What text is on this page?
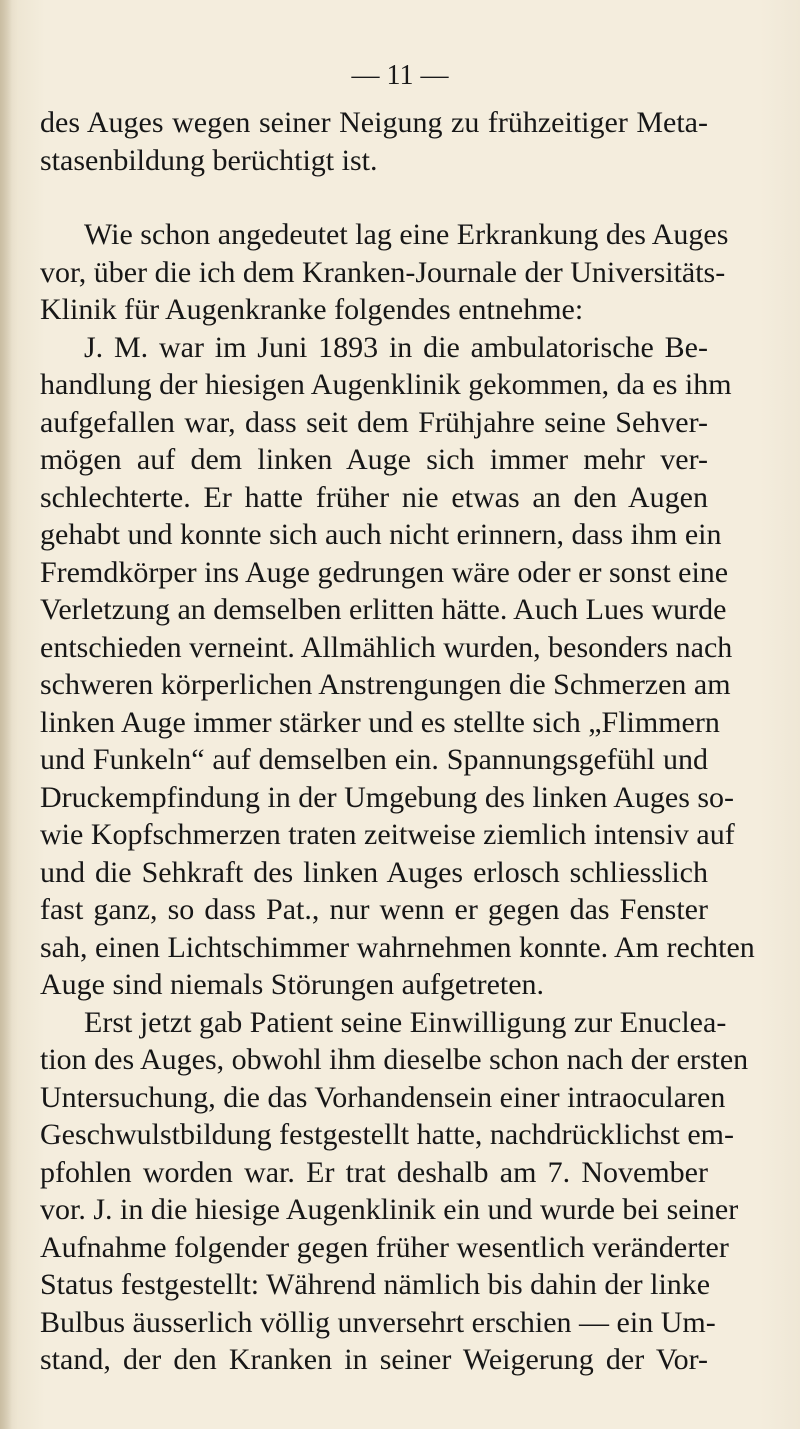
— 11 —
des Auges wegen seiner Neigung zu frühzeitiger Meta-
stasenbildung berüchtigt ist.
Wie schon angedeutet lag eine Erkrankung des Auges
vor, über die ich dem Kranken-Journale der Universitäts-
Klinik für Augenkranke folgendes entnehme:
J. M. war im Juni 1893 in die ambulatorische Be-
handlung der hiesigen Augenklinik gekommen, da es ihm
aufgefallen war, dass seit dem Frühjahre seine Sehver-
mögen auf dem linken Auge sich immer mehr ver-
schlechterte. Er hatte früher nie etwas an den Augen
gehabt und konnte sich auch nicht erinnern, dass ihm ein
Fremdkörper ins Auge gedrungen wäre oder er sonst eine
Verletzung an demselben erlitten hätte. Auch Lues wurde
entschieden verneint. Allmählich wurden, besonders nach
schweren körperlichen Anstrengungen die Schmerzen am
linken Auge immer stärker und es stellte sich „Flimmern
und Funkeln“ auf demselben ein. Spannungsgefühl und
Druckempfindung in der Umgebung des linken Auges so-
wie Kopfschmerzen traten zeitweise ziemlich intensiv auf
und die Sehkraft des linken Auges erlosch schliesslich
fast ganz, so dass Pat., nur wenn er gegen das Fenster
sah, einen Lichtschimmer wahrnehmen konnte. Am rechten
Auge sind niemals Störungen aufgetreten.
Erst jetzt gab Patient seine Einwilligung zur Enuclea-
tion des Auges, obwohl ihm dieselbe schon nach der ersten
Untersuchung, die das Vorhandensein einer intraocularen
Geschwulstbildung festgestellt hatte, nachdrücklichst em-
pfohlen worden war. Er trat deshalb am 7. November
vor. J. in die hiesige Augenklinik ein und wurde bei seiner
Aufnahme folgender gegen früher wesentlich veränderter
Status festgestellt: Während nämlich bis dahin der linke
Bulbus äusserlich völlig unversehrt erschien — ein Um-
stand, der den Kranken in seiner Weigerung der Vor-
